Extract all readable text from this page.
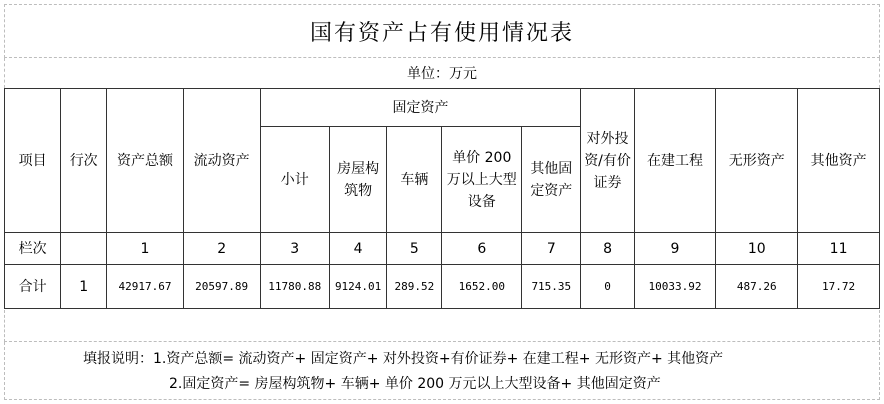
国有资产占有使用情况表
单位：万元
项目	行次	资产总额	流动资产	固定资产					对外投资/有价证券	在建工程	无形资产	其他资产
				小计	房屋构筑物	车辆	单价 200 万以上大型设备	其他固定资产				
栏次		1	2	3	4	5	6	7	8	9	10	11
合计	1	42917.67	20597.89	11780.88	9124.01	289.52	1652.00	715.35	0	10033.92	487.26	17.72
填报说明：1.资产总额= 流动资产+ 固定资产+ 对外投资+有价证券+ 在建工程+ 无形资产+ 其他资产
2.固定资产= 房屋构筑物+ 车辆+ 单价 200 万元以上大型设备+ 其他固定资产
